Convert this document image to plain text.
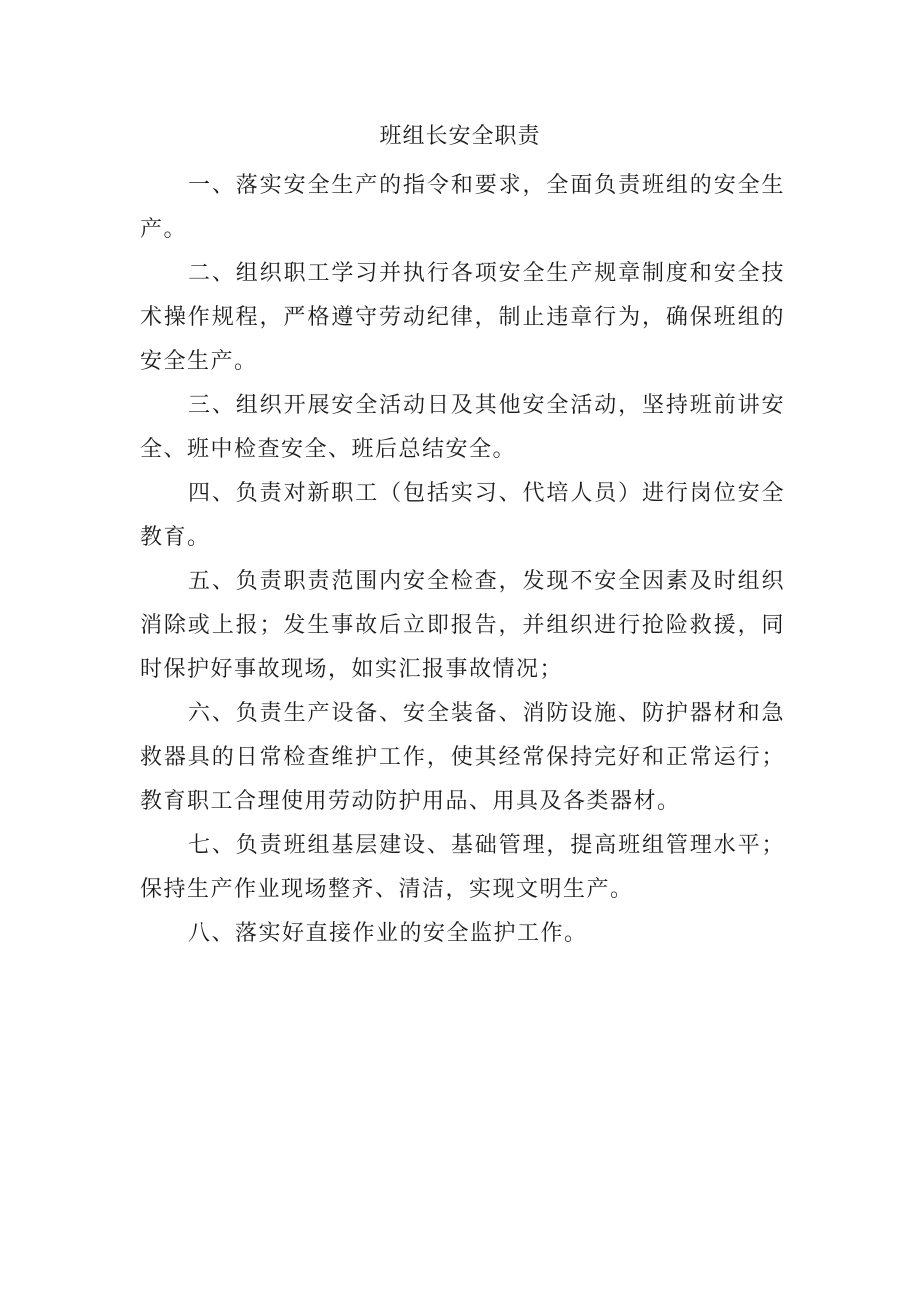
班组长安全职责

一、落实安全生产的指令和要求，全面负责班组的安全生产。

二、组织职工学习并执行各项安全生产规章制度和安全技术操作规程，严格遵守劳动纪律，制止违章行为，确保班组的安全生产。

三、组织开展安全活动日及其他安全活动，坚持班前讲安全、班中检查安全、班后总结安全。

四、负责对新职工（包括实习、代培人员）进行岗位安全教育。

五、负责职责范围内安全检查，发现不安全因素及时组织消除或上报；发生事故后立即报告，并组织进行抢险救援，同时保护好事故现场，如实汇报事故情况；

六、负责生产设备、安全装备、消防设施、防护器材和急救器具的日常检查维护工作，使其经常保持完好和正常运行；教育职工合理使用劳动防护用品、用具及各类器材。

七、负责班组基层建设、基础管理，提高班组管理水平；保持生产作业现场整齐、清洁，实现文明生产。

八、落实好直接作业的安全监护工作。
